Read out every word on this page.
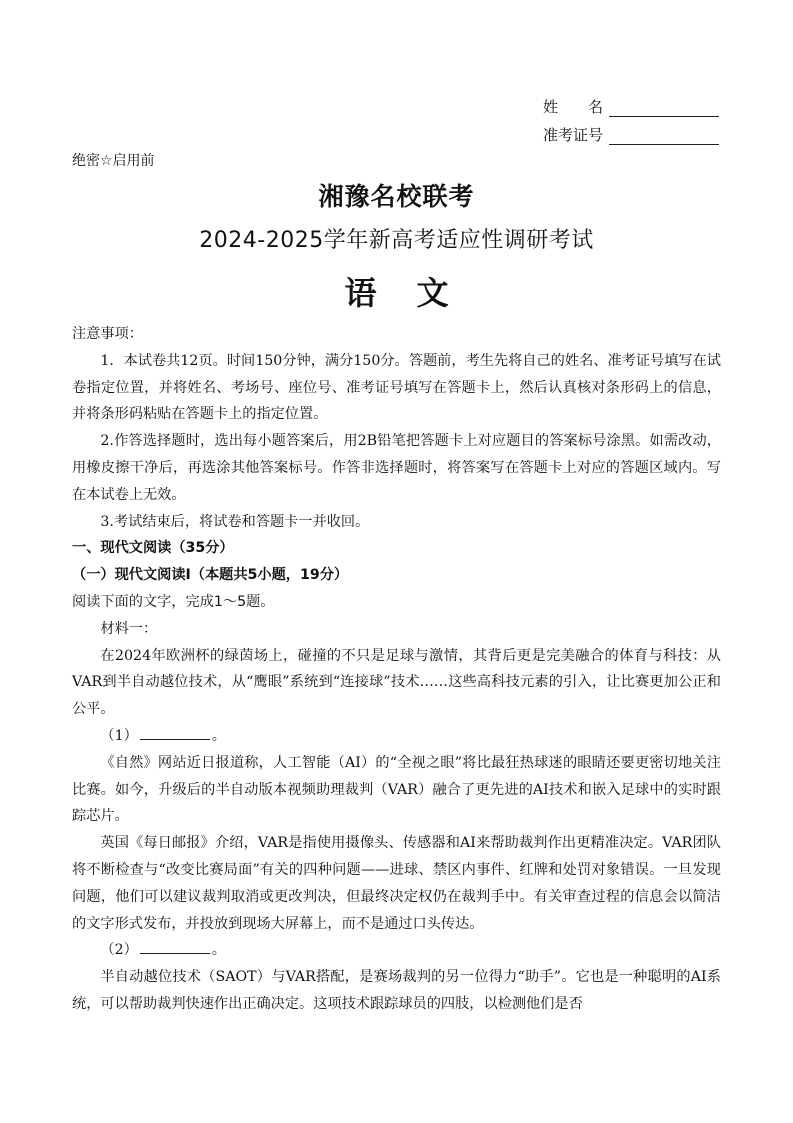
姓　　名
准考证号
绝密☆启用前
湘豫名校联考
2024-2025学年新高考适应性调研考试
语文

注意事项：

1．本试卷共12页。时间150分钟，满分150分。答题前，考生先将自己的姓名、准考证号填写在试卷指定位置，并将姓名、考场号、座位号、准考证号填写在答题卡上，然后认真核对条形码上的信息，并将条形码粘贴在答题卡上的指定位置。

2.作答选择题时，选出每小题答案后，用2B铅笔把答题卡上对应题目的答案标号涂黑。如需改动，用橡皮擦干净后，再选涂其他答案标号。作答非选择题时，将答案写在答题卡上对应的答题区域内。写在本试卷上无效。

3.考试结束后，将试卷和答题卡一并收回。

一、现代文阅读（35分）

（一）现代文阅读Ⅰ（本题共5小题，19分）

阅读下面的文字，完成1～5题。

材料一：

在2024年欧洲杯的绿茵场上，碰撞的不只是足球与激情，其背后更是完美融合的体育与科技：从VAR到半自动越位技术，从“鹰眼”系统到“连接球”技术……这些高科技元素的引入，让比赛更加公正和公平。

（1）	。

《自然》网站近日报道称，人工智能（AI）的“全视之眼”将比最狂热球迷的眼睛还要更密切地关注比赛。如今，升级后的半自动版本视频助理裁判（VAR）融合了更先进的AI技术和嵌入足球中的实时跟踪芯片。

英国《每日邮报》介绍，VAR是指使用摄像头、传感器和AI来帮助裁判作出更精准决定。VAR团队将不断检查与“改变比赛局面”有关的四种问题——进球、禁区内事件、红牌和处罚对象错误。一旦发现问题，他们可以建议裁判取消或更改判决，但最终决定权仍在裁判手中。有关审查过程的信息会以简洁的文字形式发布，并投放到现场大屏幕上，而不是通过口头传达。

（2）	。

半自动越位技术（SAOT）与VAR搭配，是赛场裁判的另一位得力“助手”。它也是一种聪明的AI系统，可以帮助裁判快速作出正确决定。这项技术跟踪球员的四肢，以检测他们是否
